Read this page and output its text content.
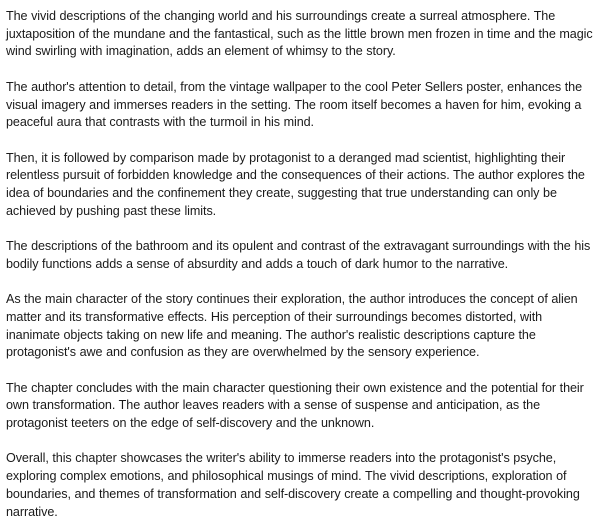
The vivid descriptions of the changing world and his surroundings create a surreal atmosphere. The juxtaposition of the mundane and the fantastical, such as the little brown men frozen in time and the magic wind swirling with imagination, adds an element of whimsy to the story.

The author's attention to detail, from the vintage wallpaper to the cool Peter Sellers poster, enhances the visual imagery and immerses readers in the setting. The room itself becomes a haven for him, evoking a peaceful aura that contrasts with the turmoil in his mind.

Then, it is followed by comparison made by protagonist to a deranged mad scientist, highlighting their relentless pursuit of forbidden knowledge and the consequences of their actions. The author explores the idea of boundaries and the confinement they create, suggesting that true understanding can only be achieved by pushing past these limits.

The descriptions of the bathroom and its opulent and contrast of the extravagant surroundings with the his bodily functions adds a sense of absurdity and adds a touch of dark humor to the narrative.

As the main character of the story continues their exploration, the author introduces the concept of alien matter and its transformative effects. His perception of their surroundings becomes distorted, with inanimate objects taking on new life and meaning. The author's realistic descriptions capture the protagonist's awe and confusion as they are overwhelmed by the sensory experience.

The chapter concludes with the main character questioning their own existence and the potential for their own transformation. The author leaves readers with a sense of suspense and anticipation, as the protagonist teeters on the edge of self-discovery and the unknown.

Overall, this chapter showcases the writer's ability to immerse readers into the protagonist's psyche, exploring complex emotions, and philosophical musings of mind. The vivid descriptions, exploration of boundaries, and themes of transformation and self-discovery create a compelling and thought-provoking narrative.
